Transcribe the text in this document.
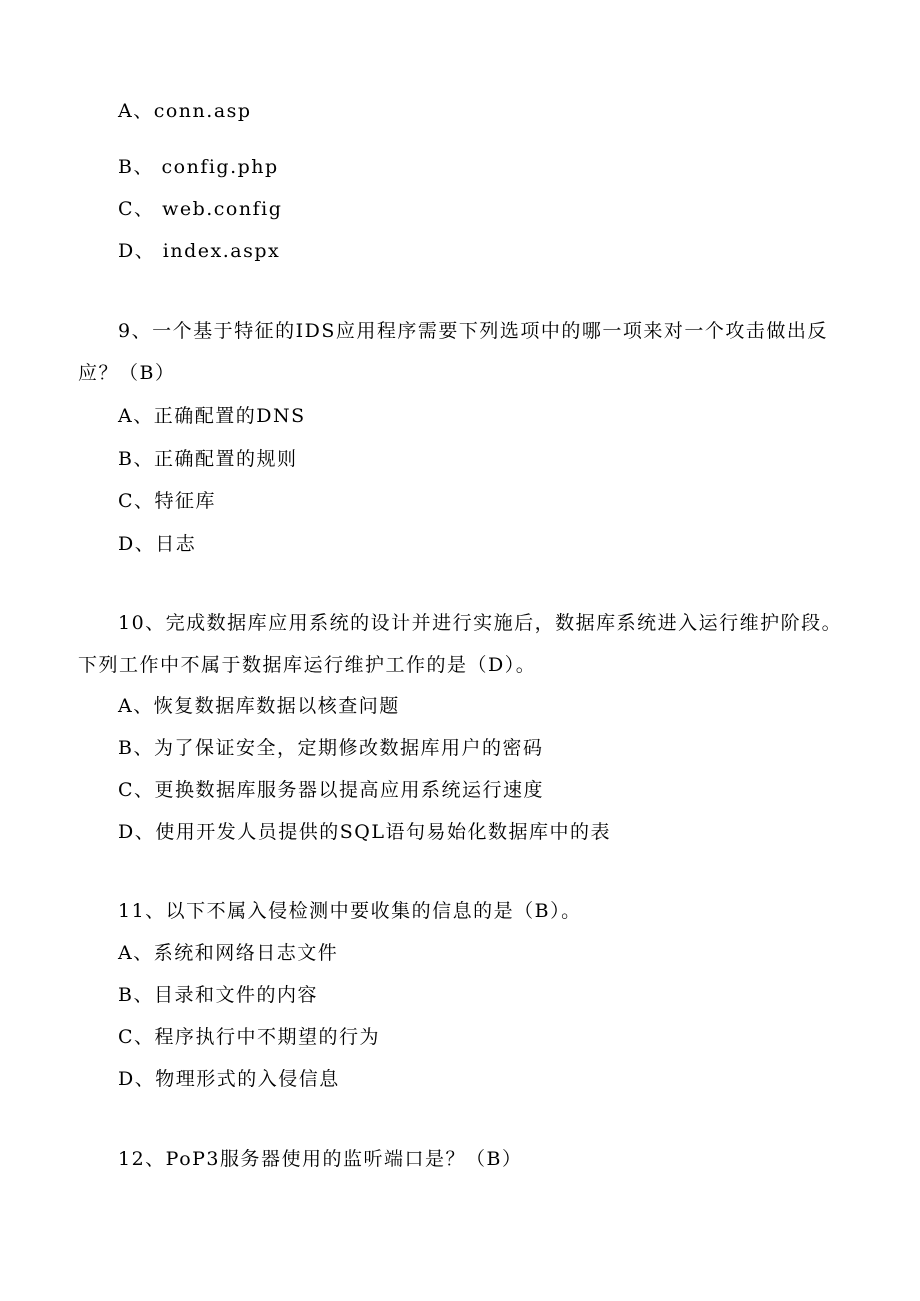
A、conn.asp
B、 config.php
C、 web.config
D、 index.aspx
9、一个基于特征的IDS应用程序需要下列选项中的哪一项来对一个攻击做出反
应？（B）
A、正确配置的DNS
B、正确配置的规则
C、特征库
D、日志
10、完成数据库应用系统的设计并进行实施后，数据库系统进入运行维护阶段。
下列工作中不属于数据库运行维护工作的是（D）。
A、恢复数据库数据以核查问题
B、为了保证安全，定期修改数据库用户的密码
C、更换数据库服务器以提高应用系统运行速度
D、使用开发人员提供的SQL语句易始化数据库中的表
11、以下不属入侵检测中要收集的信息的是（B）。
A、系统和网络日志文件
B、目录和文件的内容
C、程序执行中不期望的行为
D、物理形式的入侵信息
12、PoP3服务器使用的监听端口是？（B）
